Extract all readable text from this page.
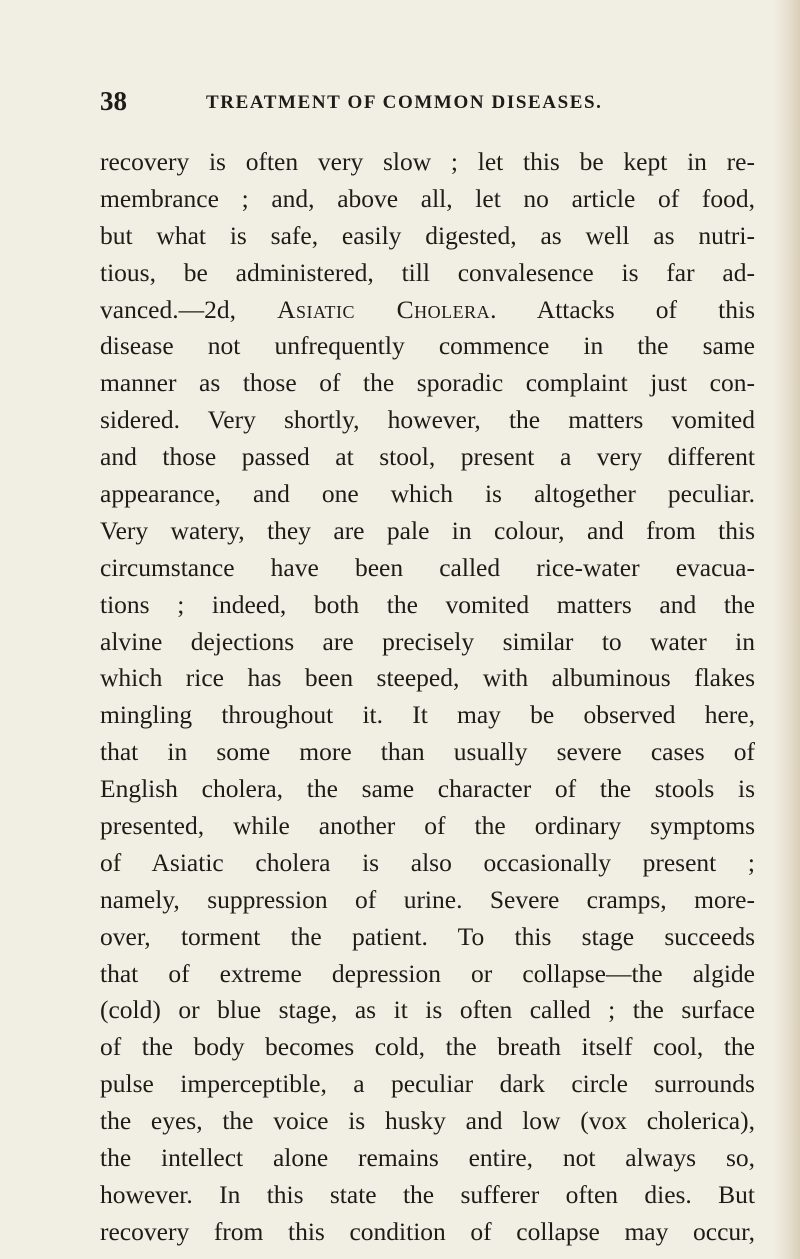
38	TREATMENT OF COMMON DISEASES.
recovery is often very slow ; let this be kept in re-
membrance ; and, above all, let no article of food,
but what is safe, easily digested, as well as nutri-
tious, be administered, till convalesence is far ad-
vanced.—2d, Asiatic Cholera. Attacks of this
disease not unfrequently commence in the same
manner as those of the sporadic complaint just con-
sidered. Very shortly, however, the matters vomited
and those passed at stool, present a very different
appearance, and one which is altogether peculiar.
Very watery, they are pale in colour, and from this
circumstance have been called rice-water evacua-
tions ; indeed, both the vomited matters and the
alvine dejections are precisely similar to water in
which rice has been steeped, with albuminous flakes
mingling throughout it. It may be observed here,
that in some more than usually severe cases of
English cholera, the same character of the stools is
presented, while another of the ordinary symptoms
of Asiatic cholera is also occasionally present ;
namely, suppression of urine. Severe cramps, more-
over, torment the patient. To this stage succeeds
that of extreme depression or collapse—the algide
(cold) or blue stage, as it is often called ; the surface
of the body becomes cold, the breath itself cool, the
pulse imperceptible, a peculiar dark circle surrounds
the eyes, the voice is husky and low (vox cholerica),
the intellect alone remains entire, not always so,
however. In this state the sufferer often dies. But
recovery from this condition of collapse may occur,
